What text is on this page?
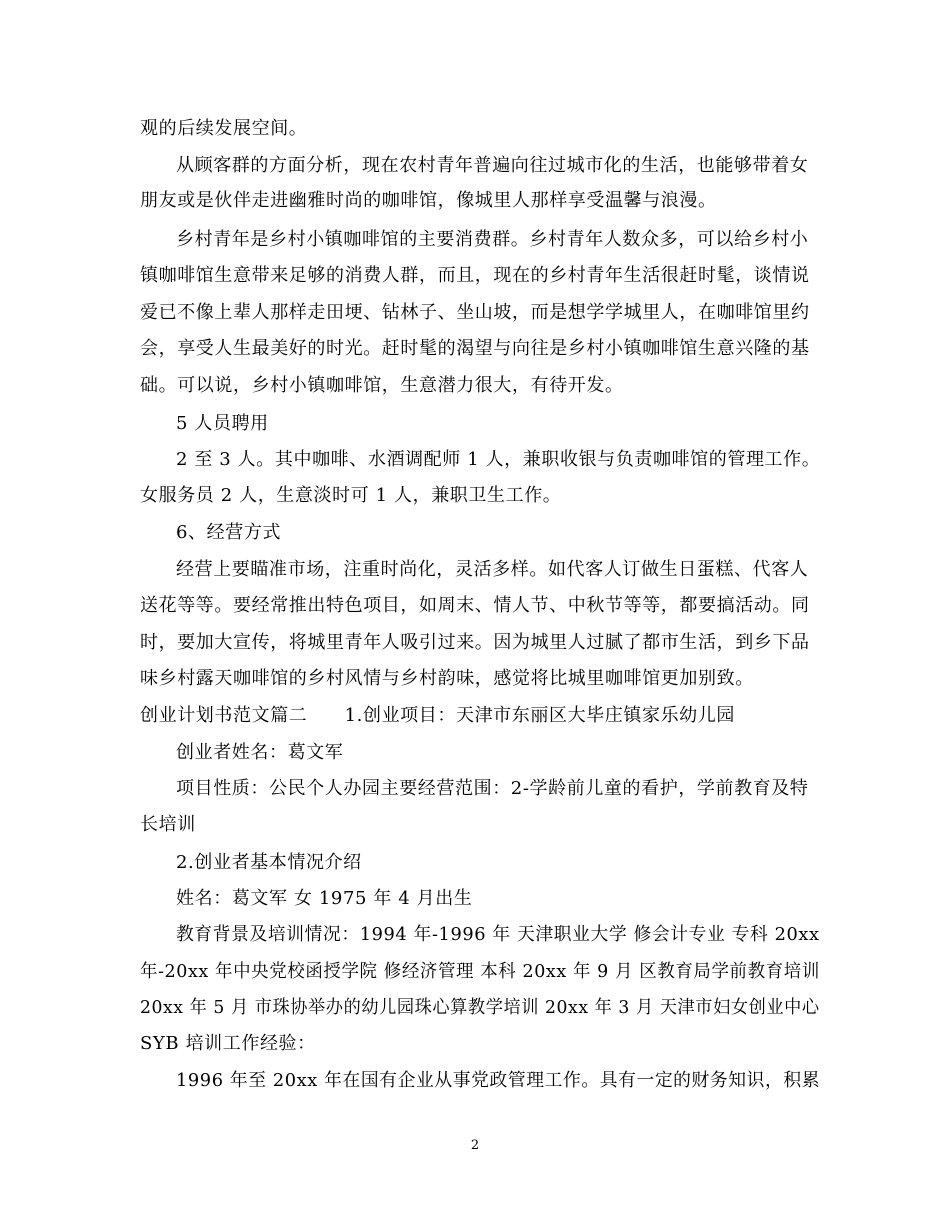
观的后续发展空间。
从顾客群的方面分析，现在农村青年普遍向往过城市化的生活，也能够带着女
朋友或是伙伴走进幽雅时尚的咖啡馆，像城里人那样享受温馨与浪漫。
乡村青年是乡村小镇咖啡馆的主要消费群。乡村青年人数众多，可以给乡村小
镇咖啡馆生意带来足够的消费人群，而且，现在的乡村青年生活很赶时髦，谈情说
爱已不像上辈人那样走田埂、钻林子、坐山坡，而是想学学城里人，在咖啡馆里约
会，享受人生最美好的时光。赶时髦的渴望与向往是乡村小镇咖啡馆生意兴隆的基
础。可以说，乡村小镇咖啡馆，生意潜力很大，有待开发。
5 人员聘用
2 至 3 人。其中咖啡、水酒调配师 1 人，兼职收银与负责咖啡馆的管理工作。
女服务员 2 人，生意淡时可 1 人，兼职卫生工作。
6、经营方式
经营上要瞄准市场，注重时尚化，灵活多样。如代客人订做生日蛋糕、代客人
送花等等。要经常推出特色项目，如周末、情人节、中秋节等等，都要搞活动。同
时，要加大宣传，将城里青年人吸引过来。因为城里人过腻了都市生活，到乡下品
味乡村露天咖啡馆的乡村风情与乡村韵味，感觉将比城里咖啡馆更加别致。
创业计划书范文篇二　　1.创业项目：天津市东丽区大毕庄镇家乐幼儿园
创业者姓名：葛文军
项目性质：公民个人办园主要经营范围：2-学龄前儿童的看护，学前教育及特
长培训
2.创业者基本情况介绍
姓名：葛文军 女 1975 年 4 月出生
教育背景及培训情况：1994 年-1996 年 天津职业大学 修会计专业 专科 20xx
年-20xx 年中央党校函授学院 修经济管理 本科 20xx 年 9 月 区教育局学前教育培训
20xx 年 5 月 市珠协举办的幼儿园珠心算教学培训 20xx 年 3 月 天津市妇女创业中心
SYB 培训工作经验：
1996 年至 20xx 年在国有企业从事党政管理工作。具有一定的财务知识，积累
2
